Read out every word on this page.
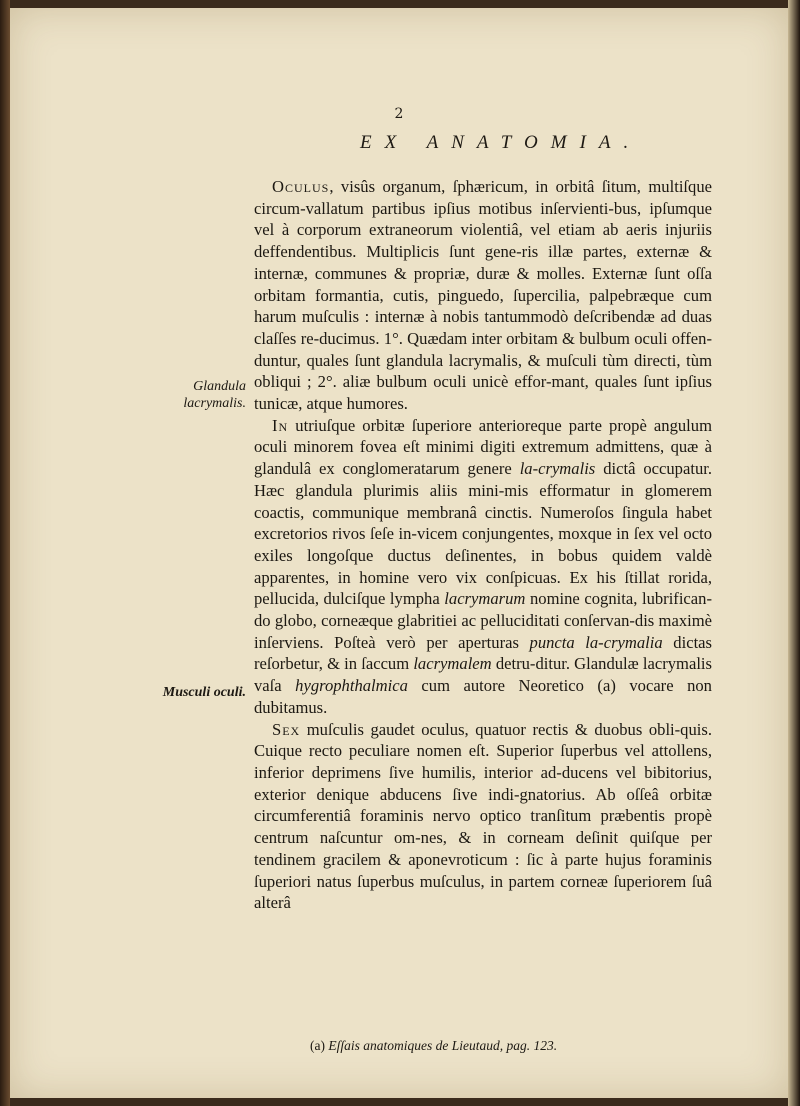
2
EX ANATOMIA.
Glandula
lacrymalis.
Musculi oculi.

Oculus, visûs organum, ſphæricum, in orbitâ ſitum, multiſque circum-vallatum partibus ipſius motibus inſervienti-bus, ipſumque vel à corporum extraneorum violentiâ, vel etiam ab aeris injuriis deffendentibus. Multiplicis ſunt gene-ris illæ partes, externæ & internæ, communes & propriæ, duræ & molles. Externæ ſunt oſſa orbitam formantia, cutis, pinguedo, ſupercilia, palpebræque cum harum muſculis : internæ à nobis tantummodò deſcribendæ ad duas claſſes re-ducimus. 1°. Quædam inter orbitam & bulbum oculi offen-duntur, quales ſunt glandula lacrymalis, & muſculi tùm directi, tùm obliqui ; 2°. aliæ bulbum oculi unicè effor-mant, quales ſunt ipſius tunicæ, atque humores.

In utriuſque orbitæ ſuperiore anterioreque parte propè angulum oculi minorem fovea eſt minimi digiti extremum admittens, quæ à glandulâ ex conglomeratarum genere la-crymalis dictâ occupatur. Hæc glandula plurimis aliis mini-mis efformatur in glomerem coactis, communique membranâ cinctis. Numeroſos ſingula habet excretorios rivos ſeſe in-vicem conjungentes, moxque in ſex vel octo exiles longoſque ductus deſinentes, in bobus quidem valdè apparentes, in homine vero vix conſpicuas. Ex his ſtillat rorida, pellucida, dulciſque lympha lacrymarum nomine cognita, lubrifican-do globo, corneæque glabritiei ac pelluciditati conſervan-dis maximè inſerviens. Poſteà verò per aperturas puncta la-crymalia dictas reſorbetur, & in ſaccum lacrymalem detru-ditur. Glandulæ lacrymalis vaſa hygrophthalmica cum autore Neoretico (a) vocare non dubitamus.

Sex muſculis gaudet oculus, quatuor rectis & duobus obli-quis. Cuique recto peculiare nomen eſt. Superior ſuperbus vel attollens, inferior deprimens ſive humilis, interior ad-ducens vel bibitorius, exterior denique abducens ſive indi-gnatorius. Ab oſſeâ orbitæ circumferentiâ foraminis nervo optico tranſitum præbentis propè centrum naſcuntur om-nes, & in corneam deſinit quiſque per tendinem gracilem & aponevroticum : ſic à parte hujus foraminis ſuperiori natus ſuperbus muſculus, in partem corneæ ſuperiorem ſuâ alterâ

(a) Eſſais anatomiques de Lieutaud, pag. 123.
